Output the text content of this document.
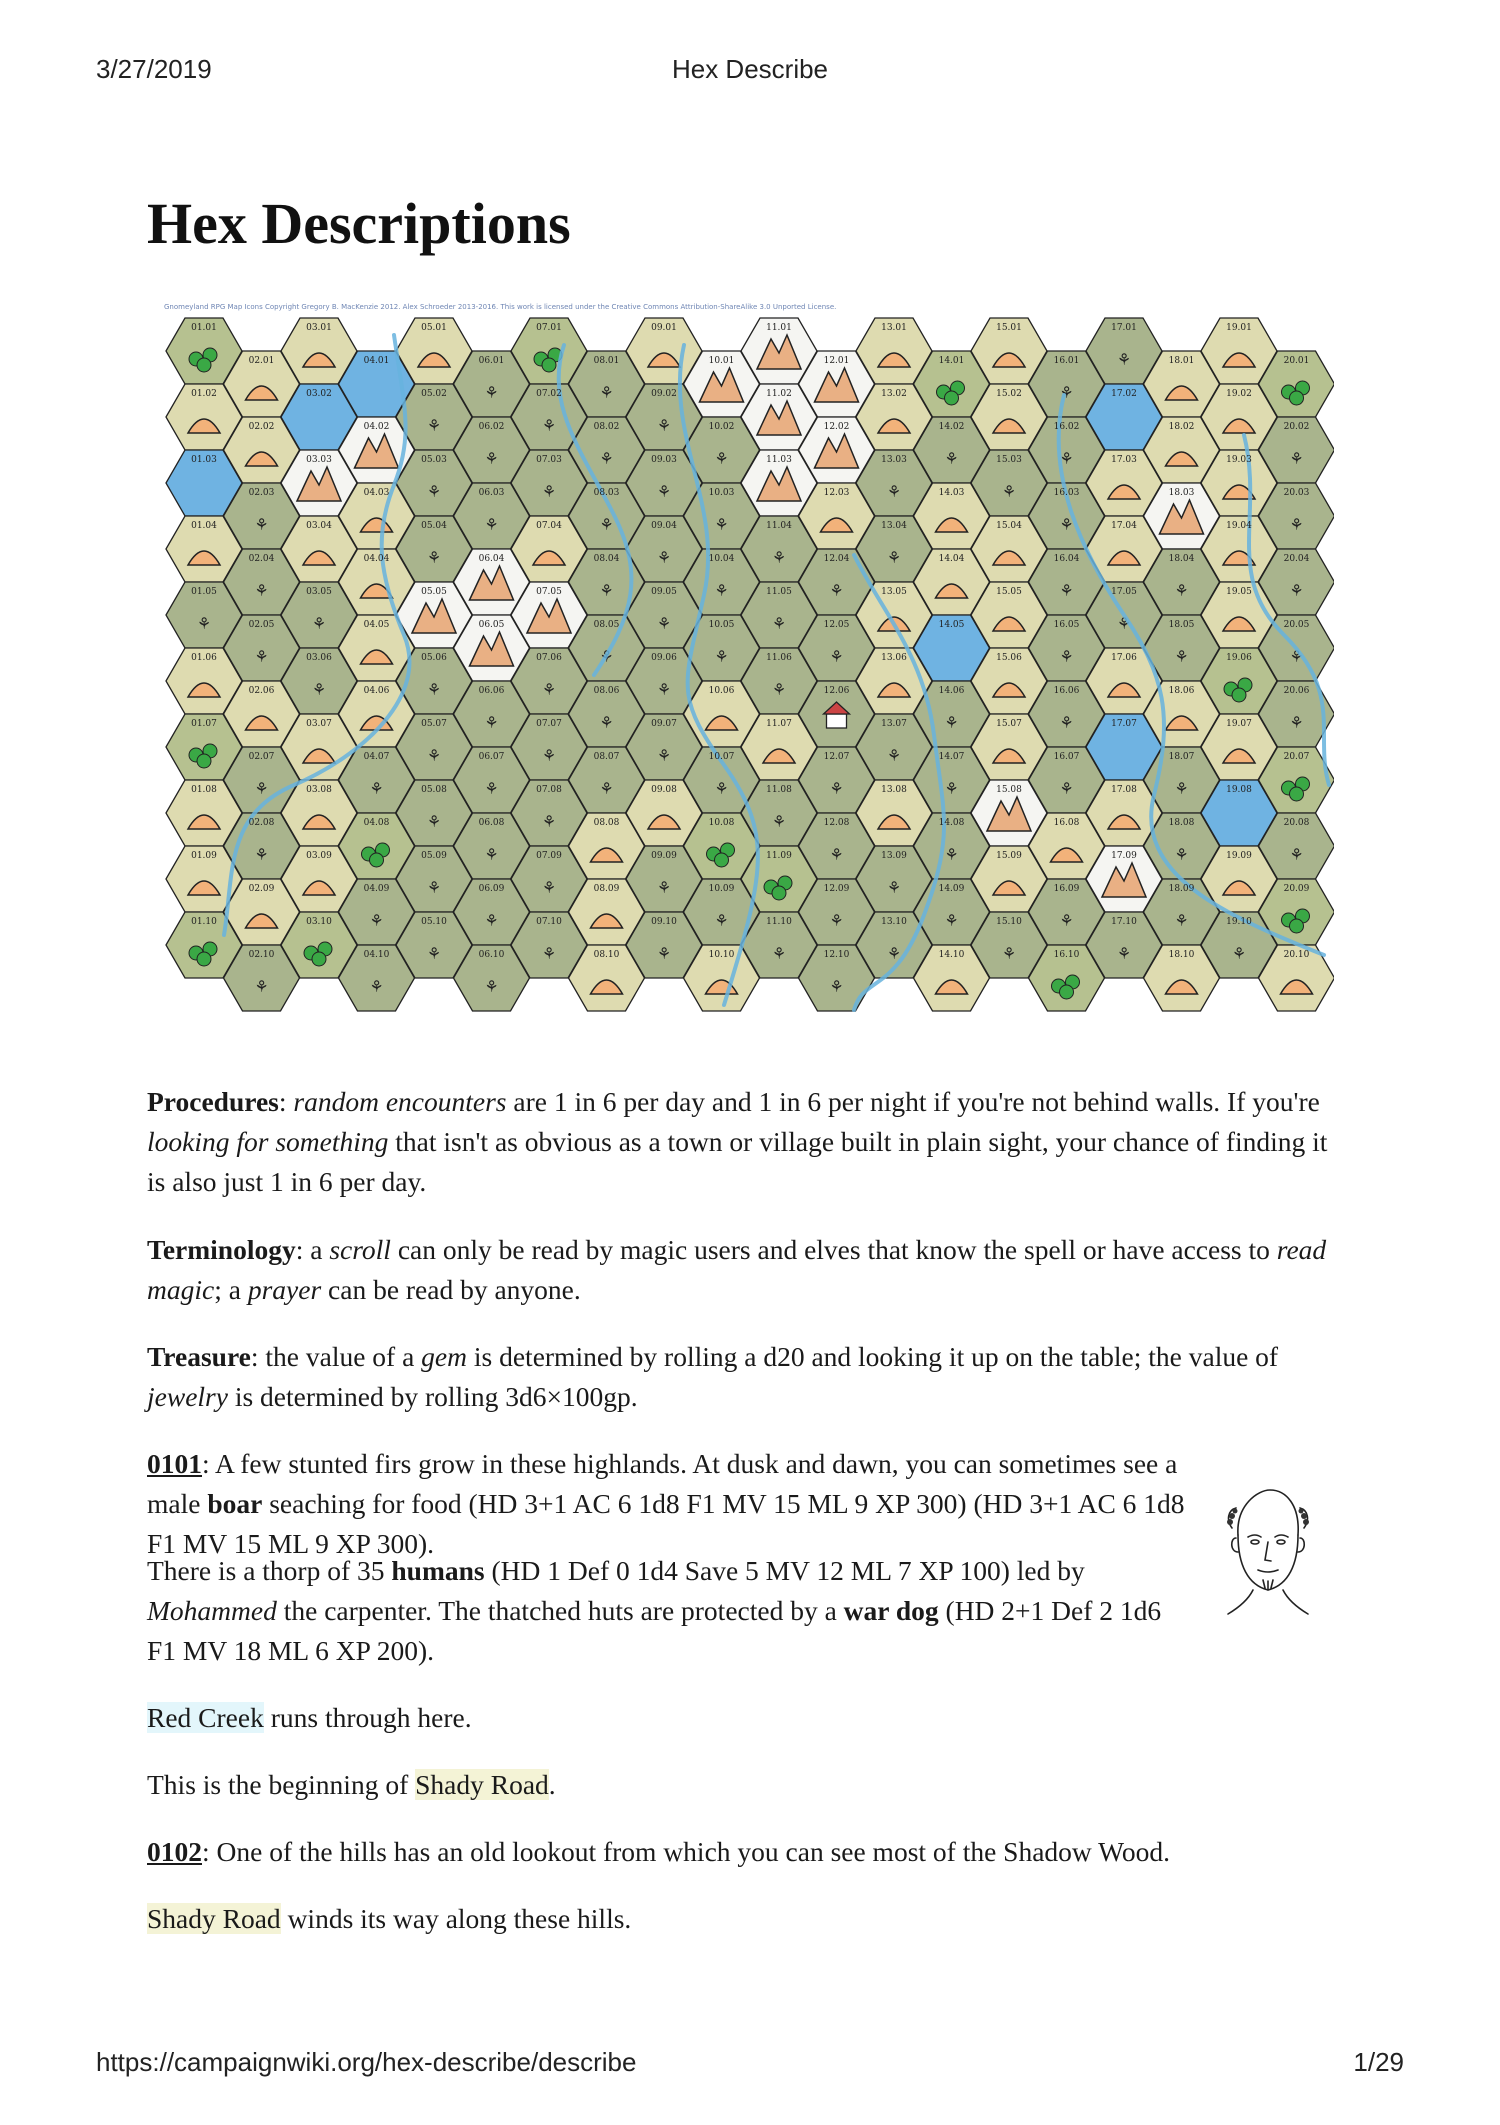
3/27/2019	Hex Describe
Hex Descriptions
Gnomeyland RPG Map Icons Copyright Gregory B. MacKenzie 2012. Alex Schroeder 2013-2016. This work is licensed under the Creative Commons Attribution-ShareAlike 3.0 Unported License.
⚘
⚘
⚘
⚘
⚘
⚘
⚘
⚘
⚘
⚘
⚘
⚘
⚘
⚘
⚘
⚘
⚘
⚘
⚘
⚘
⚘
⚘
⚘
⚘
⚘
⚘
⚘
⚘
⚘
⚘
⚘
⚘
⚘
⚘
⚘
⚘
⚘
⚘
⚘
⚘
⚘
⚘
⚘
⚘
⚘
⚘
⚘
⚘
⚘
⚘
⚘
⚘
⚘
⚘
⚘
⚘
⚘
⚘
⚘
⚘
⚘
⚘
⚘
⚘
⚘
⚘
⚘
⚘
⚘
⚘
⚘
⚘
⚘
⚘
⚘
⚘
⚘
⚘
⚘
⚘
⚘
⚘
⚘
⚘
⚘
⚘
⚘
⚘
⚘
⚘
⚘
⚘
⚘
⚘
⚘
⚘
⚘
⚘
⚘
⚘
⚘
⚘
01.01
01.02
01.03
01.04
01.05
01.06
01.07
01.08
01.09
01.10
02.01
02.02
02.03
02.04
02.05
02.06
02.07
02.08
02.09
02.10
03.01
03.02
03.03
03.04
03.05
03.06
03.07
03.08
03.09
03.10
04.01
04.02
04.03
04.04
04.05
04.06
04.07
04.08
04.09
04.10
05.01
05.02
05.03
05.04
05.05
05.06
05.07
05.08
05.09
05.10
06.01
06.02
06.03
06.04
06.05
06.06
06.07
06.08
06.09
06.10
07.01
07.02
07.03
07.04
07.05
07.06
07.07
07.08
07.09
07.10
08.01
08.02
08.03
08.04
08.05
08.06
08.07
08.08
08.09
08.10
09.01
09.02
09.03
09.04
09.05
09.06
09.07
09.08
09.09
09.10
10.01
10.02
10.03
10.04
10.05
10.06
10.07
10.08
10.09
10.10
11.01
11.02
11.03
11.04
11.05
11.06
11.07
11.08
11.09
11.10
12.01
12.02
12.03
12.04
12.05
12.06
12.07
12.08
12.09
12.10
13.01
13.02
13.03
13.04
13.05
13.06
13.07
13.08
13.09
13.10
14.01
14.02
14.03
14.04
14.05
14.06
14.07
14.08
14.09
14.10
15.01
15.02
15.03
15.04
15.05
15.06
15.07
15.08
15.09
15.10
16.01
16.02
16.03
16.04
16.05
16.06
16.07
16.08
16.09
16.10
17.01
17.02
17.03
17.04
17.05
17.06
17.07
17.08
17.09
17.10
18.01
18.02
18.03
18.04
18.05
18.06
18.07
18.08
18.09
18.10
19.01
19.02
19.03
19.04
19.05
19.06
19.07
19.08
19.09
19.10
20.01
20.02
20.03
20.04
20.05
20.06
20.07
20.08
20.09
20.10

Procedures: random encounters are 1 in 6 per day and 1 in 6 per night if you're not behind walls. If you're looking for something that isn't as obvious as a town or village built in plain sight, your chance of finding it is also just 1 in 6 per day.

Terminology: a scroll can only be read by magic users and elves that know the spell or have access to read magic; a prayer can be read by anyone.

Treasure: the value of a gem is determined by rolling a d20 and looking it up on the table; the value of jewelry is determined by rolling 3d6×100gp.

0101: A few stunted firs grow in these highlands. At dusk and dawn, you can sometimes see a male boar seaching for food (HD 3+1 AC 6 1d8 F1 MV 15 ML 9 XP 300) (HD 3+1 AC 6 1d8 F1 MV 15 ML 9 XP 300).

There is a thorp of 35 humans (HD 1 Def 0 1d4 Save 5 MV 12 ML 7 XP 100) led by Mohammed the carpenter. The thatched huts are protected by a war dog (HD 2+1 Def 2 1d6 F1 MV 18 ML 6 XP 200).

Red Creek runs through here.

This is the beginning of Shady Road.

0102: One of the hills has an old lookout from which you can see most of the Shadow Wood.

Shady Road winds its way along these hills.

https://campaignwiki.org/hex-describe/describe	1/29
